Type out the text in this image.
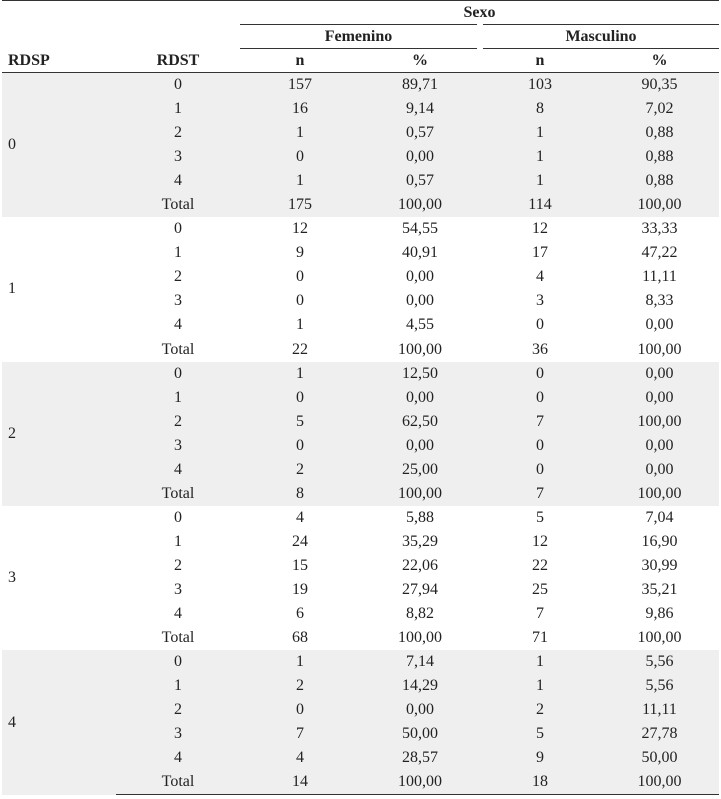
		Sexo			
		Femenino		Masculino	
RDSP	RDST	n	%	n	%
0	0	157	89,71	103	90,35
	1	16	9,14	8	7,02
	2	1	0,57	1	0,88
	3	0	0,00	1	0,88
	4	1	0,57	1	0,88
	Total	175	100,00	114	100,00
1	0	12	54,55	12	33,33
	1	9	40,91	17	47,22
	2	0	0,00	4	11,11
	3	0	0,00	3	8,33
	4	1	4,55	0	0,00
	Total	22	100,00	36	100,00
2	0	1	12,50	0	0,00
	1	0	0,00	0	0,00
	2	5	62,50	7	100,00
	3	0	0,00	0	0,00
	4	2	25,00	0	0,00
	Total	8	100,00	7	100,00
3	0	4	5,88	5	7,04
	1	24	35,29	12	16,90
	2	15	22,06	22	30,99
	3	19	27,94	25	35,21
	4	6	8,82	7	9,86
	Total	68	100,00	71	100,00
4	0	1	7,14	1	5,56
	1	2	14,29	1	5,56
	2	0	0,00	2	11,11
	3	7	50,00	5	27,78
	4	4	28,57	9	50,00
	Total	14	100,00	18	100,00
